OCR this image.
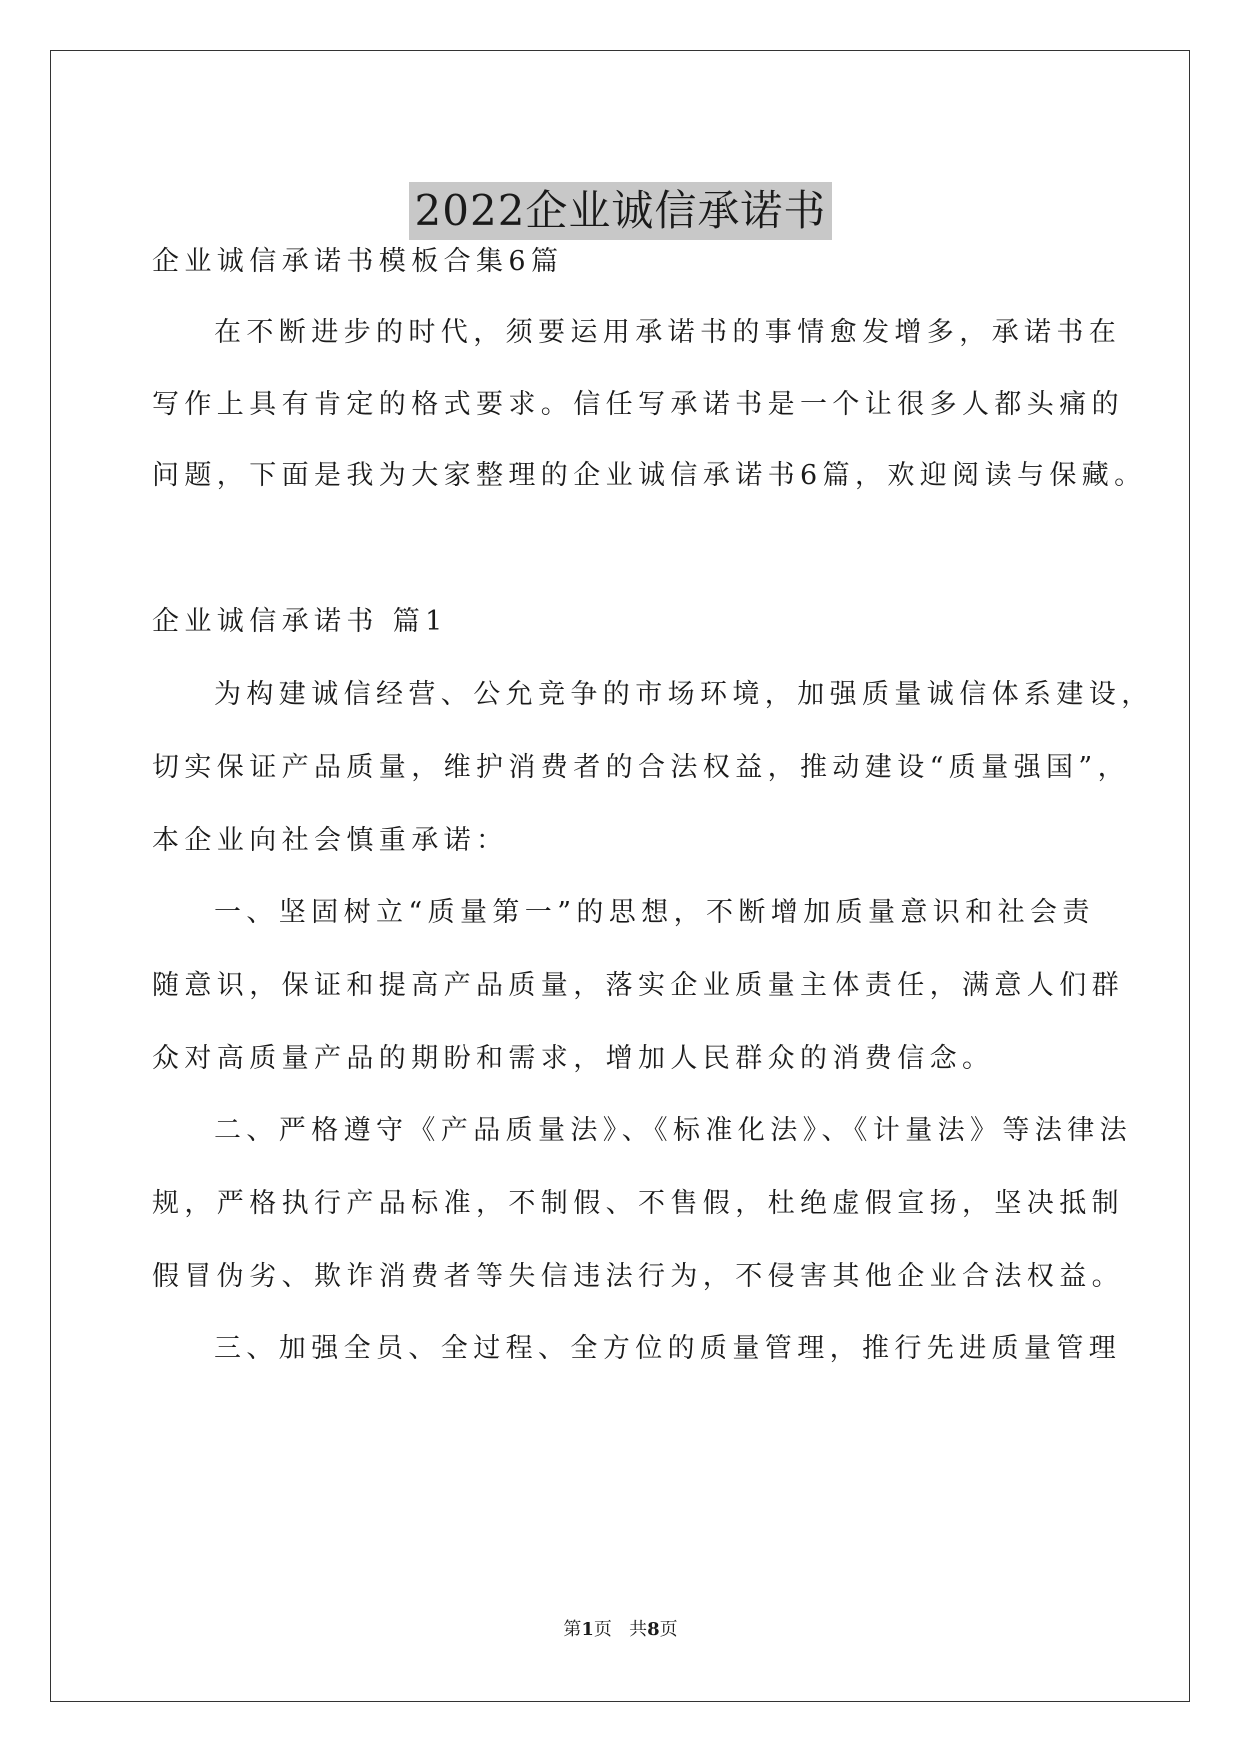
2022企业诚信承诺书
企业诚信承诺书模板合集6篇
在不断进步的时代，须要运用承诺书的事情愈发增多，承诺书在
写作上具有肯定的格式要求。信任写承诺书是一个让很多人都头痛的
问题，下面是我为大家整理的企业诚信承诺书6篇，欢迎阅读与保藏。
企业诚信承诺书 篇1
为构建诚信经营、公允竞争的市场环境，加强质量诚信体系建设，
切实保证产品质量，维护消费者的合法权益，推动建设“质量强国”，
本企业向社会慎重承诺：
一、坚固树立“质量第一”的思想，不断增加质量意识和社会责
随意识，保证和提高产品质量，落实企业质量主体责任，满意人们群
众对高质量产品的期盼和需求，增加人民群众的消费信念。
二、严格遵守《产品质量法》、《标准化法》、《计量法》等法律法
规，严格执行产品标准，不制假、不售假，杜绝虚假宣扬，坚决抵制
假冒伪劣、欺诈消费者等失信违法行为，不侵害其他企业合法权益。
三、加强全员、全过程、全方位的质量管理，推行先进质量管理
第1页 共8页
